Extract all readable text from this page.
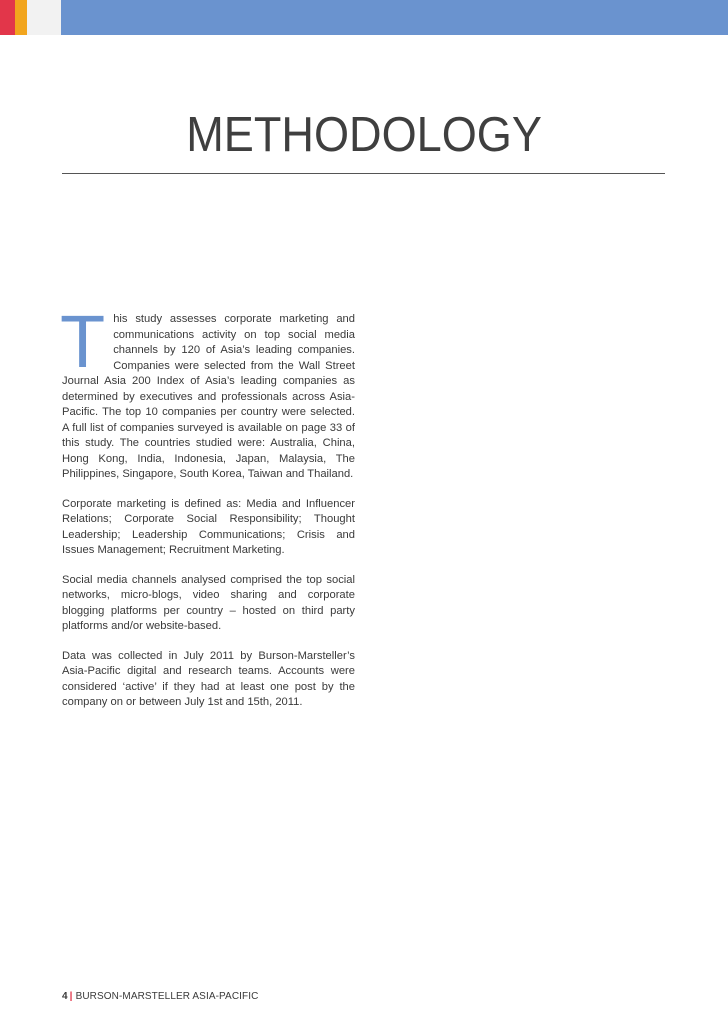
METHODOLOGY

This study assesses corporate marketing and communications activity on top social media channels by 120 of Asia’s leading companies. Companies were selected from the Wall Street Journal Asia 200 Index of Asia’s leading companies as determined by executives and professionals across Asia-Pacific. The top 10 companies per country were selected. A full list of companies surveyed is available on page 33 of this study. The countries studied were: Australia, China, Hong Kong, India, Indonesia, Japan, Malaysia, The Philippines, Singapore, South Korea, Taiwan and Thailand.

Corporate marketing is defined as: Media and Influencer Relations; Corporate Social Responsibility; Thought Leadership; Leadership Communications; Crisis and Issues Management; Recruitment Marketing.

Social media channels analysed comprised the top social networks, micro-blogs, video sharing and corporate blogging platforms per country – hosted on third party platforms and/or website-based.

Data was collected in July 2011 by Burson-Marsteller’s Asia-Pacific digital and research teams. Accounts were considered ‘active’ if they had at least one post by the company on or between July 1st and 15th, 2011.

4 | BURSON-MARSTELLER ASIA-PACIFIC
